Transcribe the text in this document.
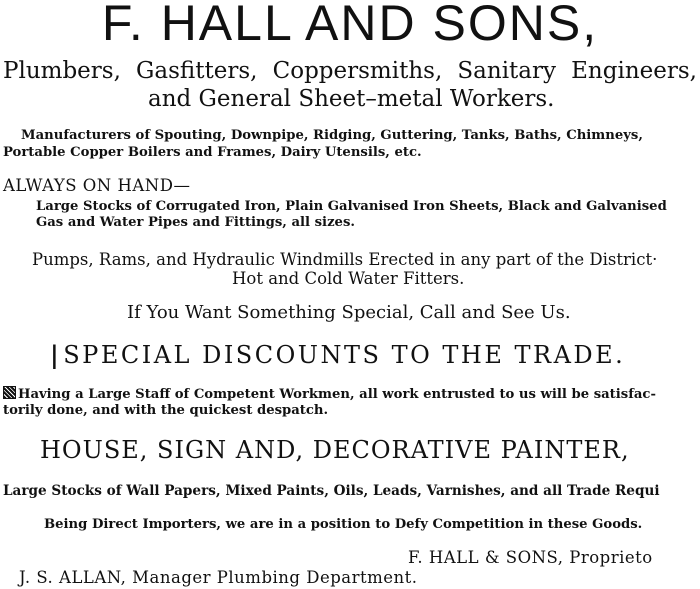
F. HALL AND SONS,
Plumbers, Gasfitters, Coppersmiths, Sanitary Engineers,
and General Sheet–metal Workers.
Manufacturers of Spouting, Downpipe, Ridging, Guttering, Tanks, Baths, Chimneys,
Portable Copper Boilers and Frames, Dairy Utensils, etc.
ALWAYS ON HAND—
Large Stocks of Corrugated Iron, Plain Galvanised Iron Sheets, Black and Galvanised
Gas and Water Pipes and Fittings, all sizes.
Pumps, Rams, and Hydraulic Windmills Erected in any part of the District·
Hot and Cold Water Fitters.
If You Want Something Special, Call and See Us.
|SPECIAL DISCOUNTS TO THE TRADE.
Having a Large Staff of Competent Workmen, all work entrusted to us will be satisfac-
torily done, and with the quickest despatch.
HOUSE, SIGN AND, DECORATIVE PAINTER,
Large Stocks of Wall Papers, Mixed Paints, Oils, Leads, Varnishes, and all Trade Requi
Being Direct Importers, we are in a position to Defy Competition in these Goods.
F. HALL & SONS, Proprieto
J. S. ALLAN, Manager Plumbing Department.
